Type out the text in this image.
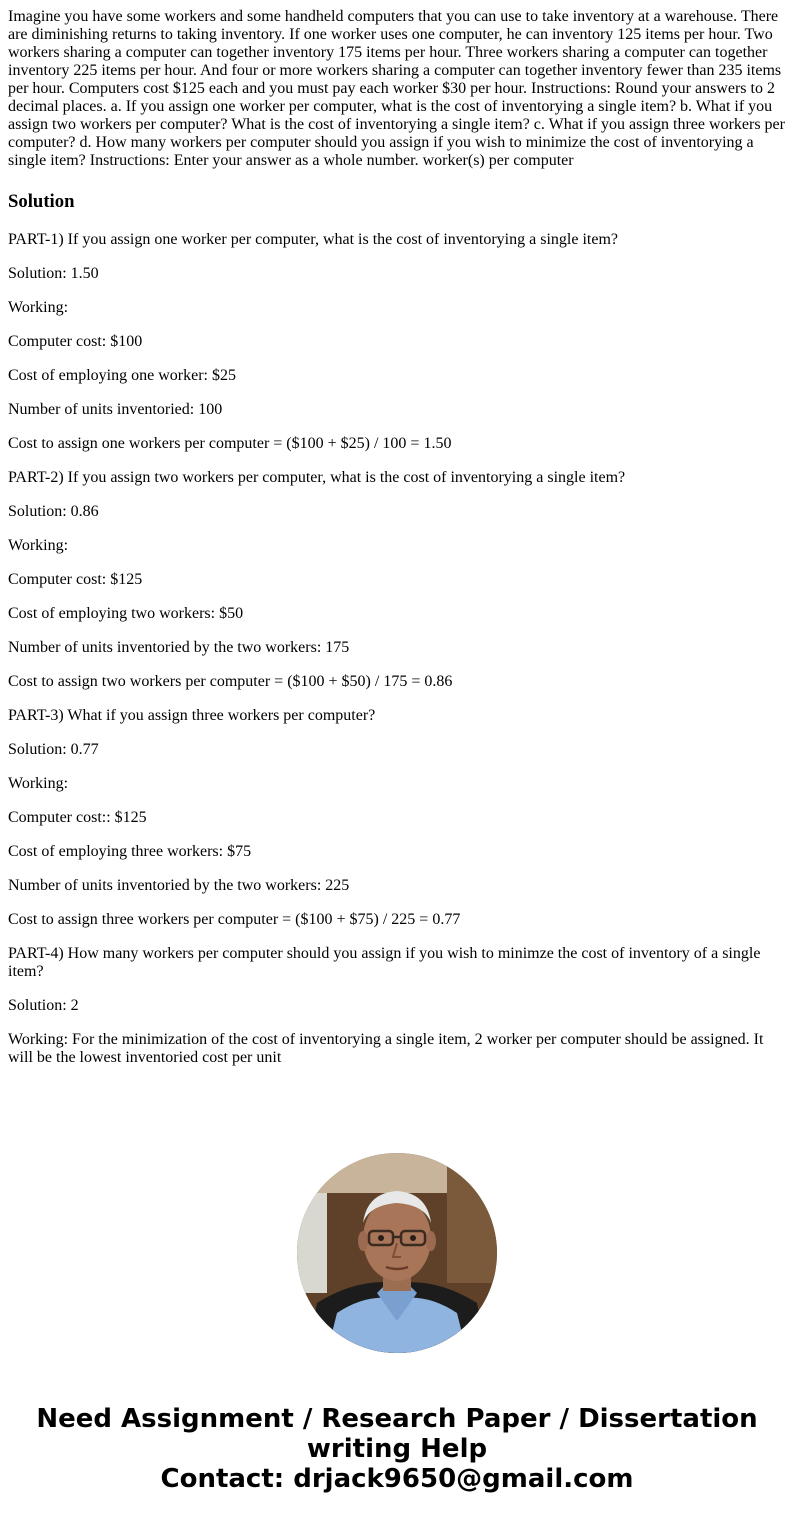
Imagine you have some workers and some handheld computers that you can use to take inventory at a warehouse. There are diminishing returns to taking inventory. If one worker uses one computer, he can inventory 125 items per hour. Two workers sharing a computer can together inventory 175 items per hour. Three workers sharing a computer can together inventory 225 items per hour. And four or more workers sharing a computer can together inventory fewer than 235 items per hour. Computers cost $125 each and you must pay each worker $30 per hour. Instructions: Round your answers to 2 decimal places. a. If you assign one worker per computer, what is the cost of inventorying a single item? b. What if you assign two workers per computer? What is the cost of inventorying a single item? c. What if you assign three workers per computer? d. How many workers per computer should you assign if you wish to minimize the cost of inventorying a single item? Instructions: Enter your answer as a whole number. worker(s) per computer

Solution

PART-1) If you assign one worker per computer, what is the cost of inventorying a single item?

Solution: 1.50

Working:

Computer cost: $100

Cost of employing one worker: $25

Number of units inventoried: 100

Cost to assign one workers per computer = ($100 + $25) / 100 = 1.50

PART-2) If you assign two workers per computer, what is the cost of inventorying a single item?

Solution: 0.86

Working:

Computer cost: $125

Cost of employing two workers: $50

Number of units inventoried by the two workers: 175

Cost to assign two workers per computer = ($100 + $50) / 175 = 0.86

PART-3) What if you assign three workers per computer?

Solution: 0.77

Working:

Computer cost:: $125

Cost of employing three workers: $75

Number of units inventoried by the two workers: 225

Cost to assign three workers per computer = ($100 + $75) / 225 = 0.77

PART-4) How many workers per computer should you assign if you wish to minimze the cost of inventory of a single item?

Solution: 2

Working: For the minimization of the cost of inventorying a single item, 2 worker per computer should be assigned. It will be the lowest inventoried cost per unit

Need Assignment / Research Paper / Dissertation writing Help
Contact: drjack9650@gmail.com
